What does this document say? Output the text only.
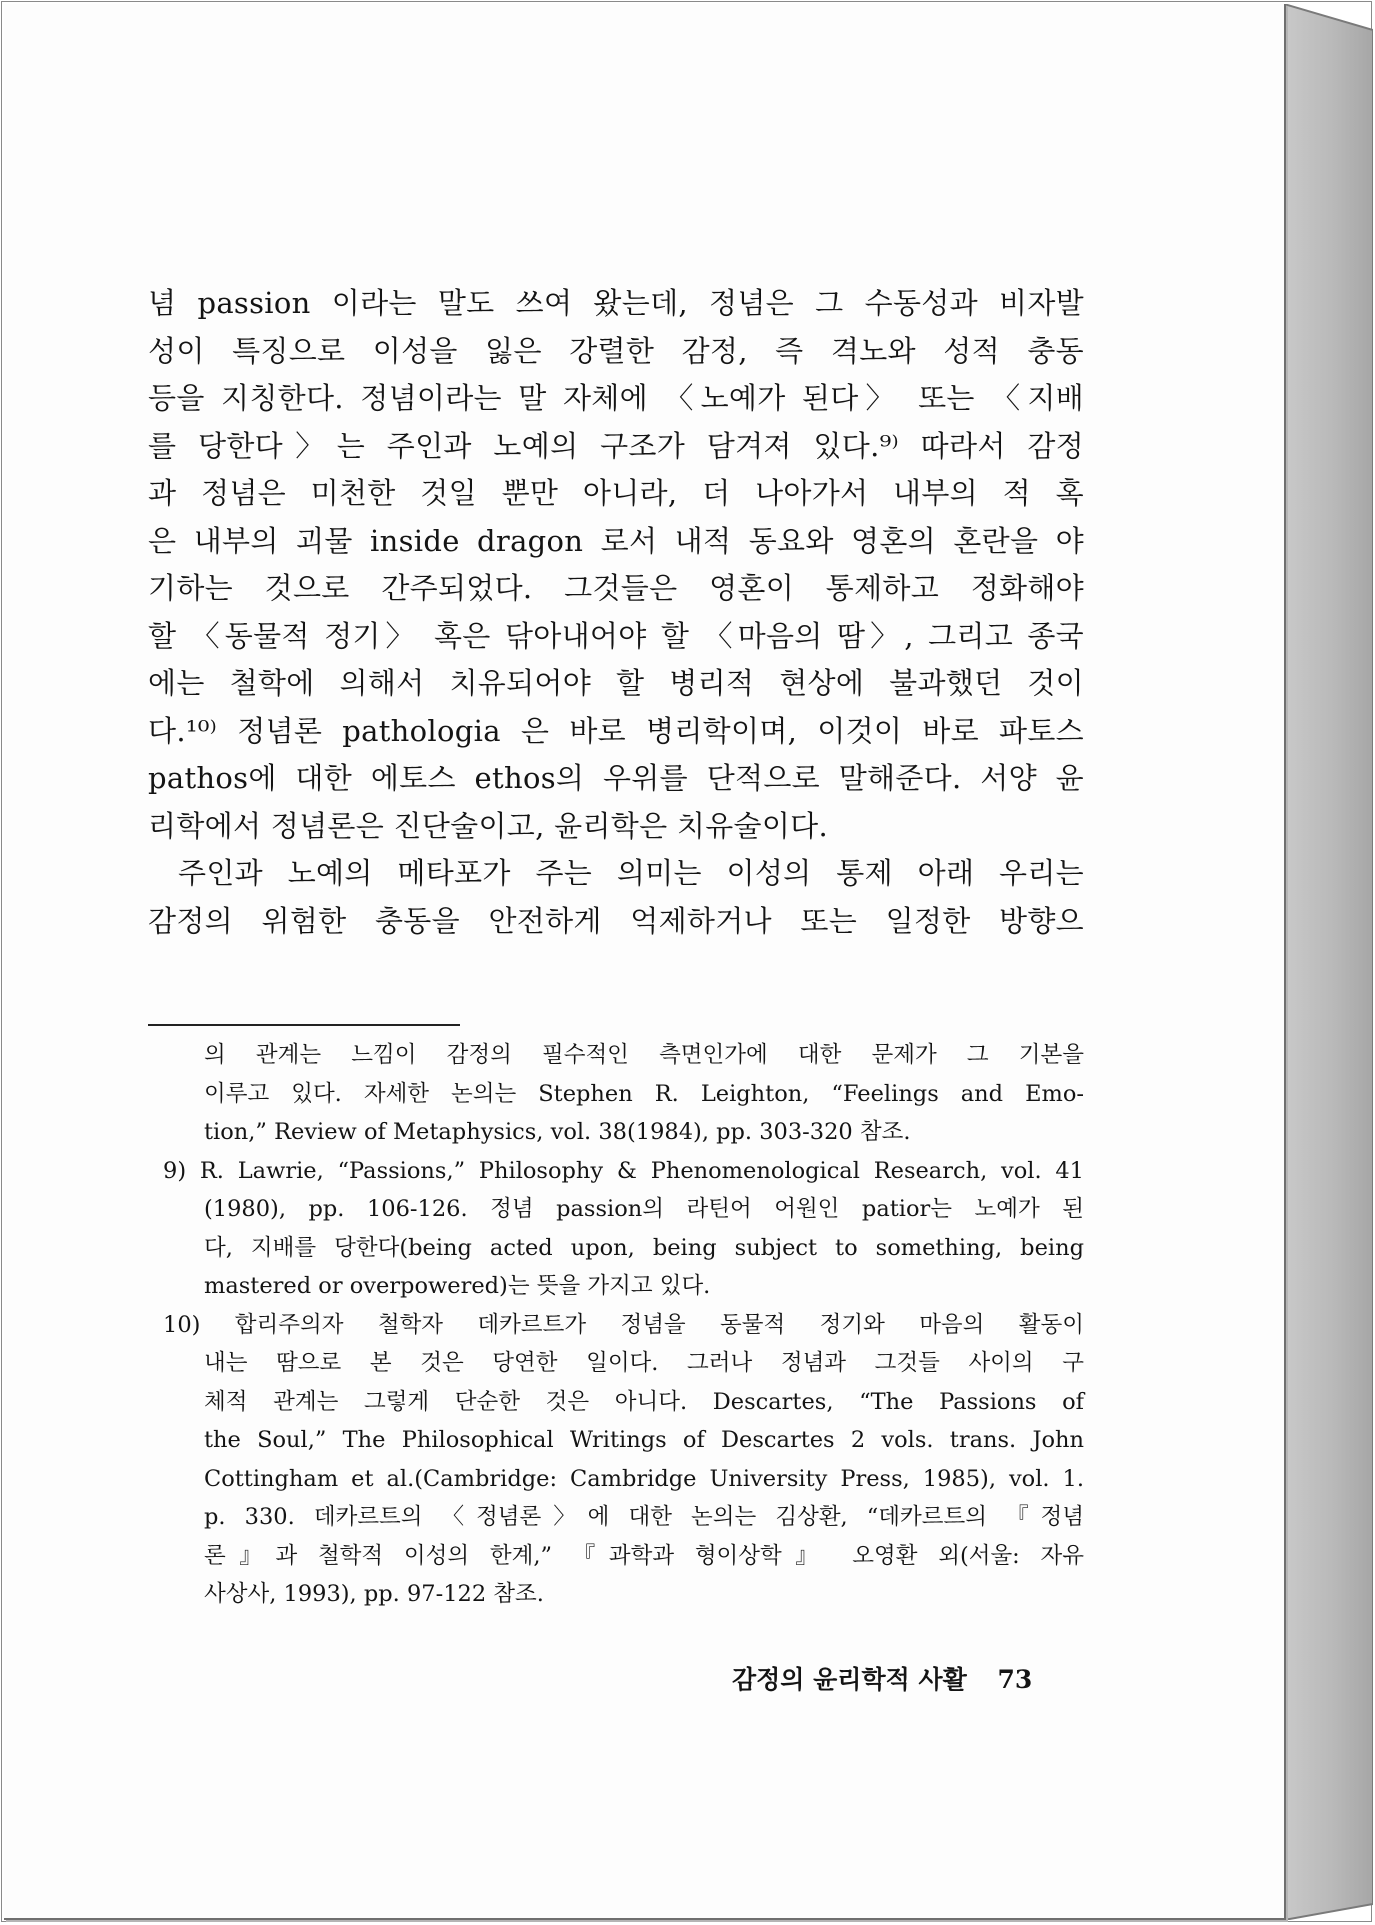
념 passion 이라는 말도 쓰여 왔는데, 정념은 그 수동성과 비자발
성이 특징으로 이성을 잃은 강렬한 감정, 즉 격노와 성적 충동
등을 지칭한다. 정념이라는 말 자체에 〈노예가 된다〉 또는 〈지배
를 당한다〉는 주인과 노예의 구조가 담겨져 있다.⁹⁾ 따라서 감정
과 정념은 미천한 것일 뿐만 아니라, 더 나아가서 내부의 적 혹
은 내부의 괴물 inside dragon 로서 내적 동요와 영혼의 혼란을 야
기하는 것으로 간주되었다. 그것들은 영혼이 통제하고 정화해야
할 〈동물적 정기〉 혹은 닦아내어야 할 〈마음의 땀〉, 그리고 종국
에는 철학에 의해서 치유되어야 할 병리적 현상에 불과했던 것이
다.¹⁰⁾ 정념론 pathologia 은 바로 병리학이며, 이것이 바로 파토스
pathos에 대한 에토스 ethos의 우위를 단적으로 말해준다. 서양 윤
리학에서 정념론은 진단술이고, 윤리학은 치유술이다.
주인과 노예의 메타포가 주는 의미는 이성의 통제 아래 우리는
감정의 위험한 충동을 안전하게 억제하거나 또는 일정한 방향으
의 관계는 느낌이 감정의 필수적인 측면인가에 대한 문제가 그 기본을
이루고 있다. 자세한 논의는 Stephen R. Leighton, “Feelings and Emo-
tion,” Review of Metaphysics, vol. 38(1984), pp. 303-320 참조.
9) R. Lawrie, “Passions,” Philosophy & Phenomenological Research, vol. 41
(1980), pp. 106-126. 정념 passion의 라틴어 어원인 patior는 노예가 된
다, 지배를 당한다(being acted upon, being subject to something, being
mastered or overpowered)는 뜻을 가지고 있다.
10) 합리주의자 철학자 데카르트가 정념을 동물적 정기와 마음의 활동이
내는 땀으로 본 것은 당연한 일이다. 그러나 정념과 그것들 사이의 구
체적 관계는 그렇게 단순한 것은 아니다. Descartes, “The Passions of
the Soul,” The Philosophical Writings of Descartes 2 vols. trans. John
Cottingham et al.(Cambridge: Cambridge University Press, 1985), vol. 1.
p. 330. 데카르트의 〈정념론〉에 대한 논의는 김상환, “데카르트의 『정념
론』과 철학적 이성의 한계,” 『과학과 형이상학』 오영환 외(서울: 자유
사상사, 1993), pp. 97-122 참조.
감정의 윤리학적 사활 73
